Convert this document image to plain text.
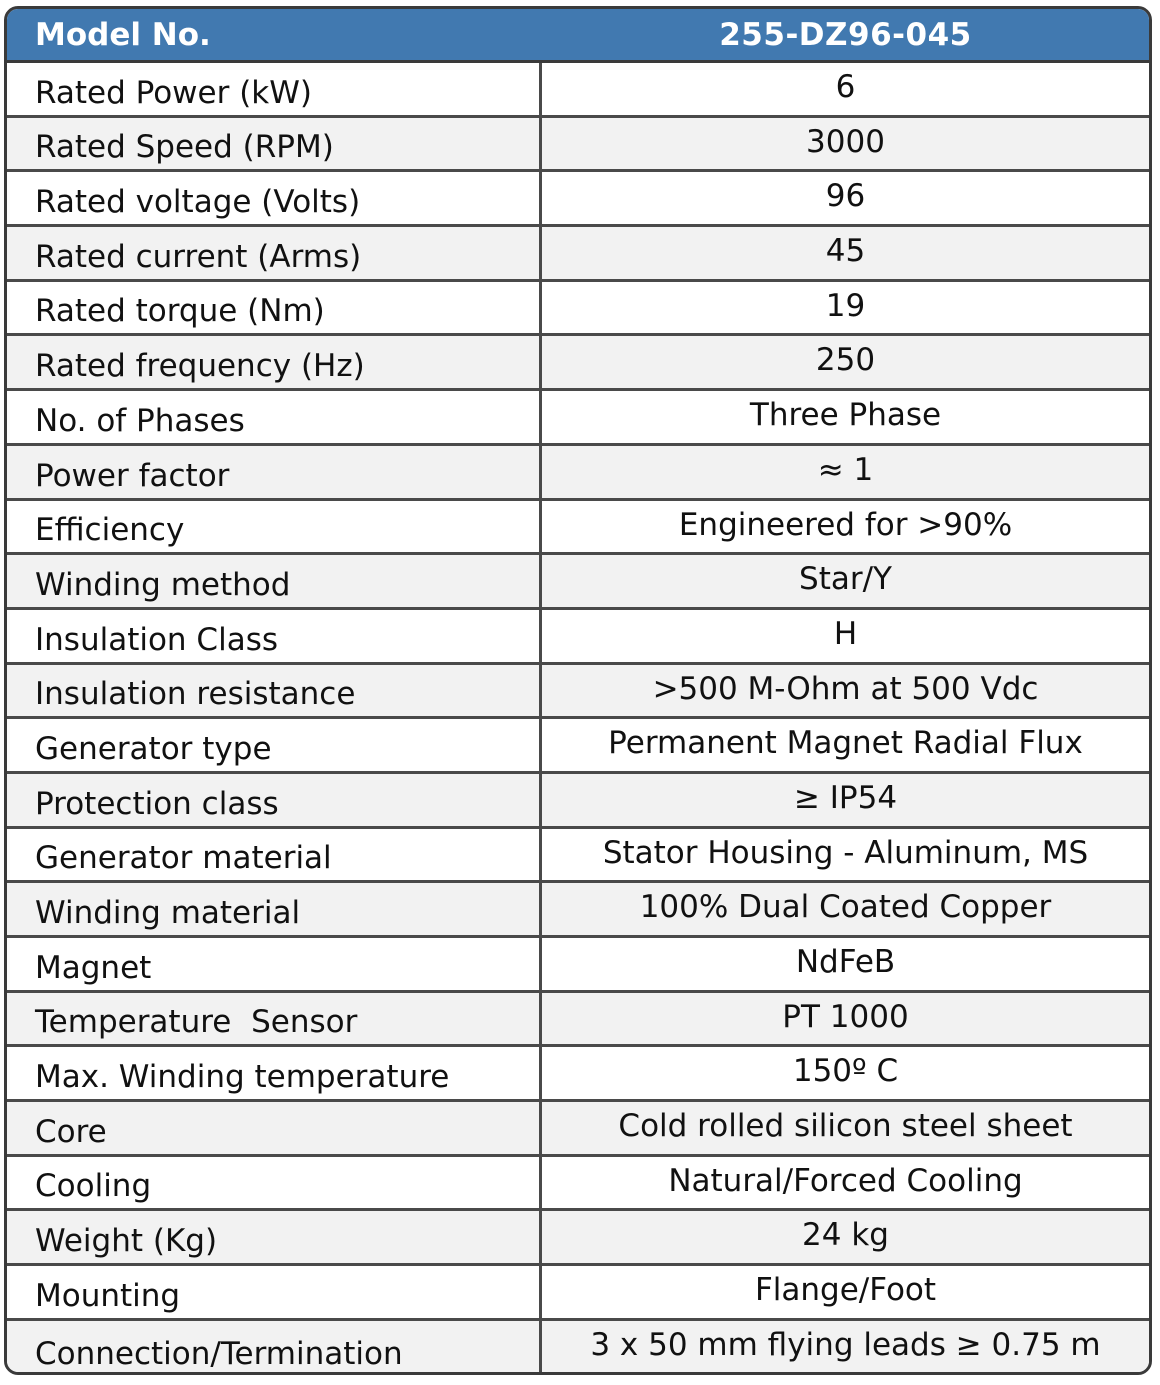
Model No.	255-DZ96-045
Rated Power (kW)	6
Rated Speed (RPM)	3000
Rated voltage (Volts)	96
Rated current (Arms)	45
Rated torque (Nm)	19
Rated frequency (Hz)	250
No. of Phases	Three Phase
Power factor	≈ 1
Efficiency	Engineered for >90%
Winding method	Star/Y
Insulation Class	H
Insulation resistance	>500 M-Ohm at 500 Vdc
Generator type	Permanent Magnet Radial Flux
Protection class	≥ IP54
Generator material	Stator Housing - Aluminum, MS
Winding material	100% Dual Coated Copper
Magnet	NdFeB
Temperature  Sensor	PT 1000
Max. Winding temperature	150º C
Core	Cold rolled silicon steel sheet
Cooling	Natural/Forced Cooling
Weight (Kg)	24 kg
Mounting	Flange/Foot
Connection/Termination	3 x 50 mm flying leads ≥ 0.75 m
